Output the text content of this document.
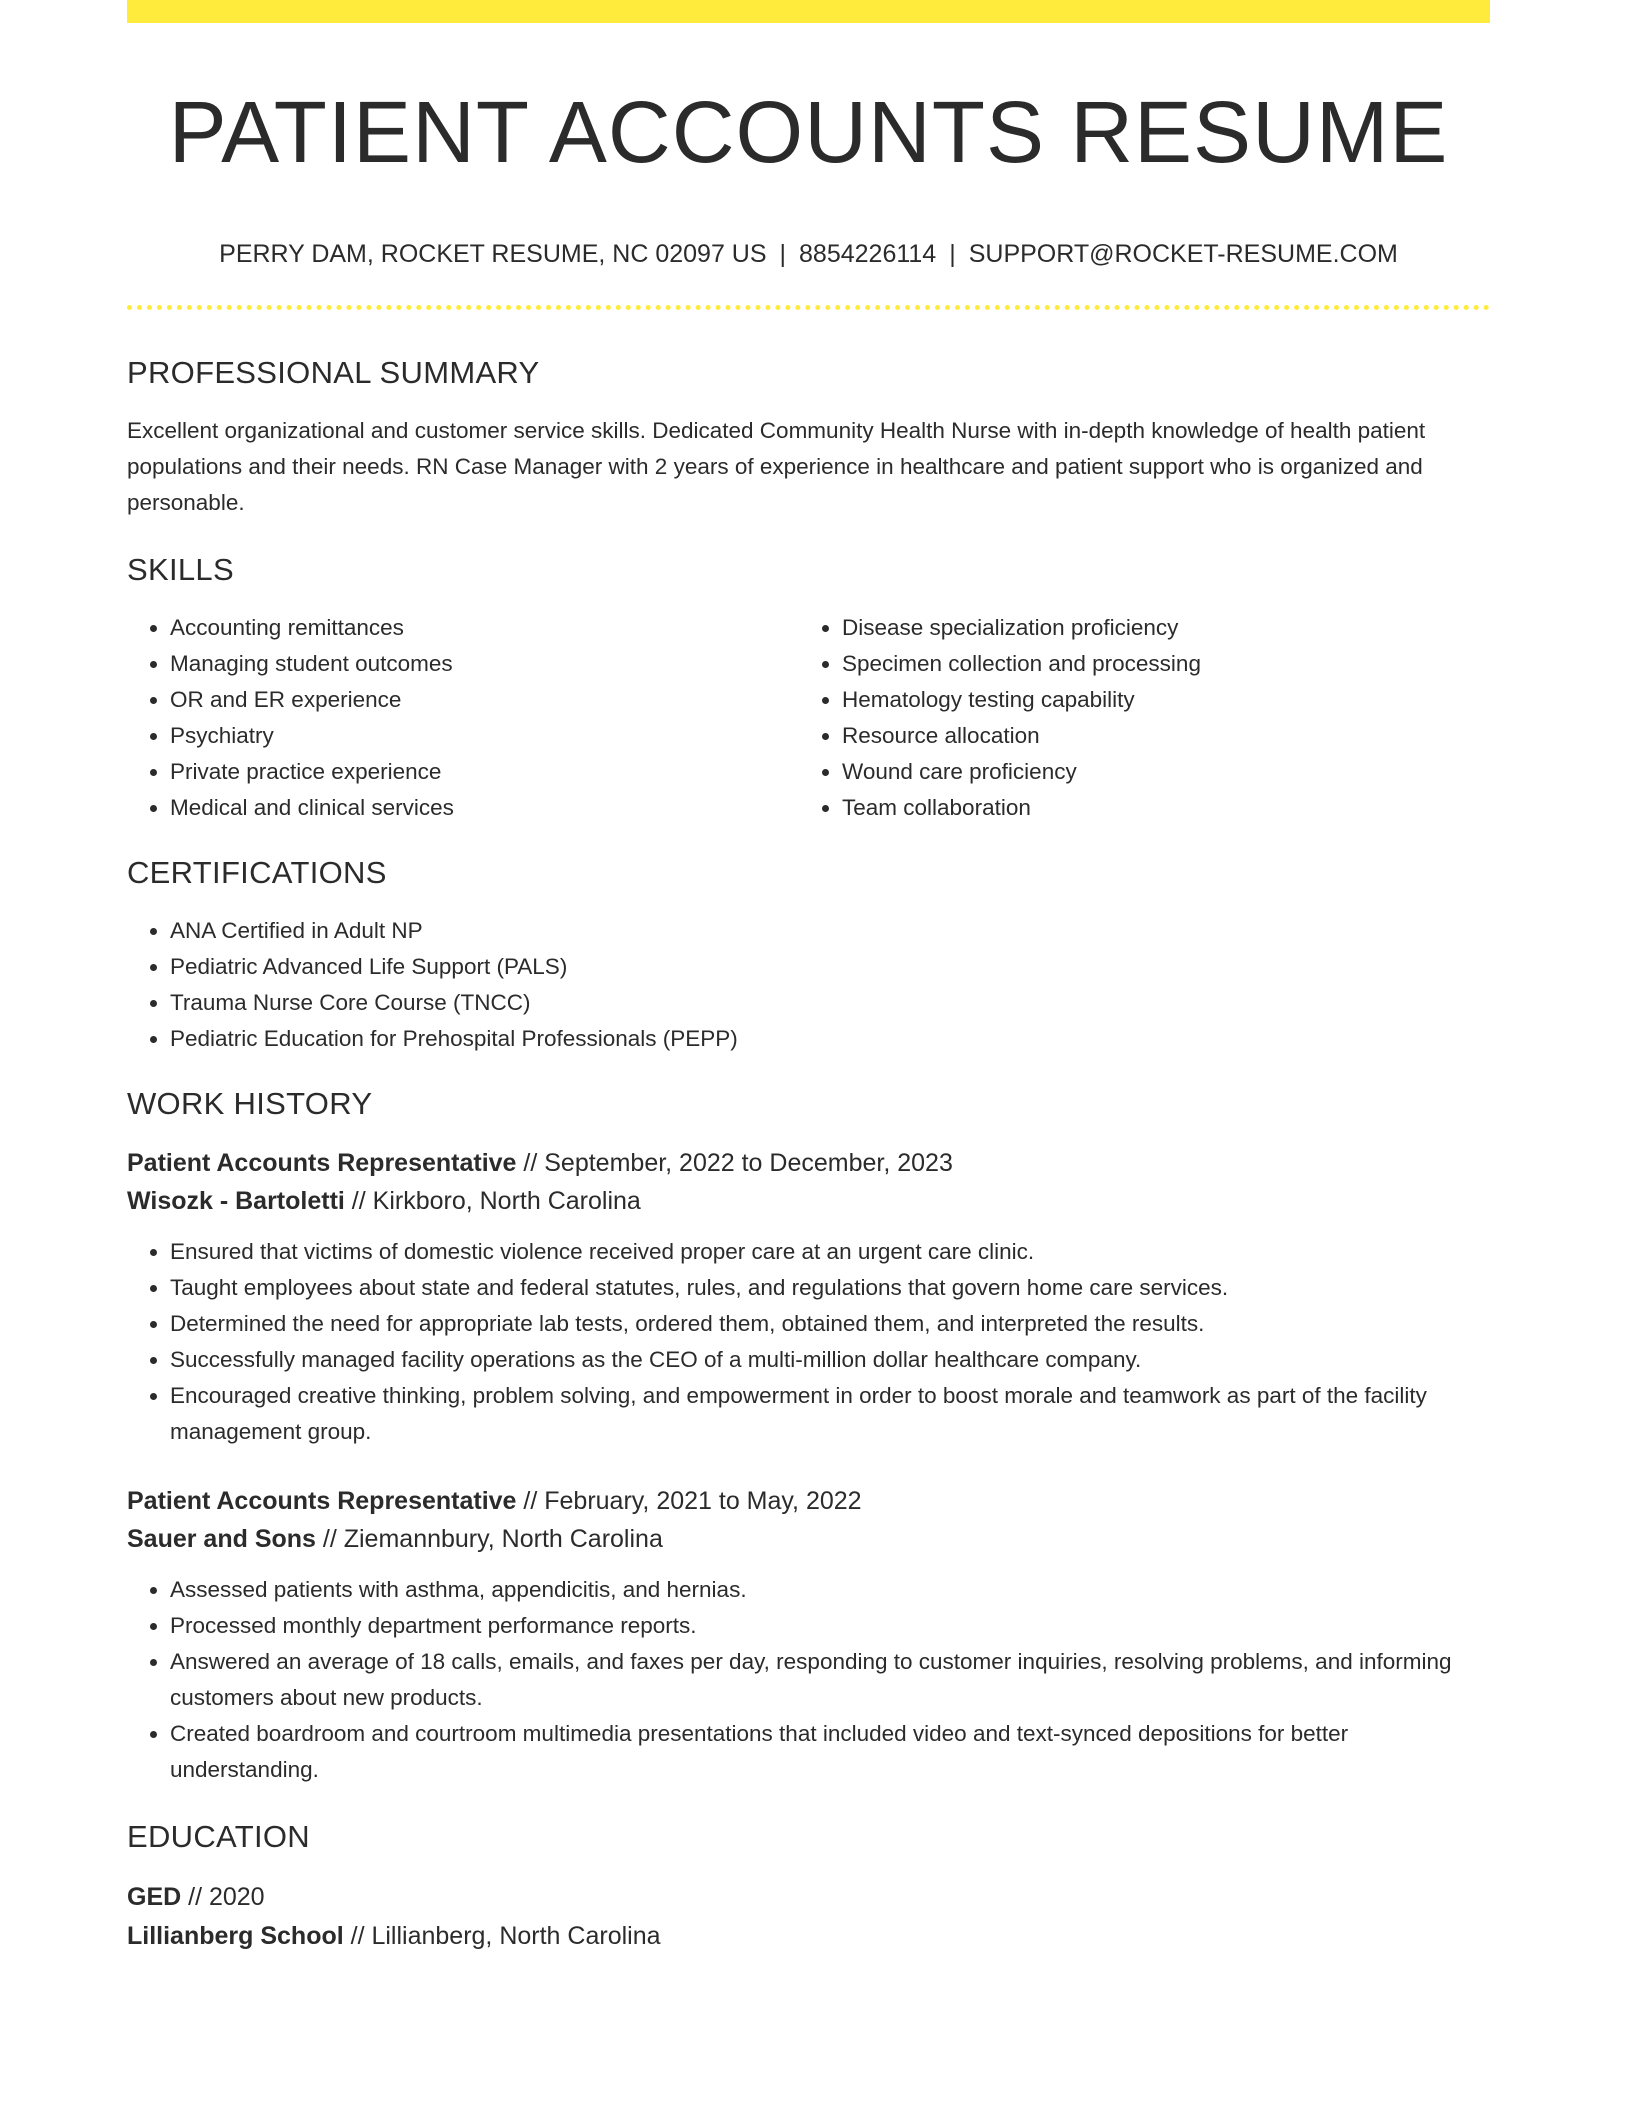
PATIENT ACCOUNTS RESUME
PERRY DAM, ROCKET RESUME, NC 02097 US | 8854226114 | SUPPORT@ROCKET-RESUME.COM
PROFESSIONAL SUMMARY
Excellent organizational and customer service skills. Dedicated Community Health Nurse with in-depth knowledge of health patient populations and their needs. RN Case Manager with 2 years of experience in healthcare and patient support who is organized and personable.
SKILLS
• Accounting remittances
• Managing student outcomes
• OR and ER experience
• Psychiatry
• Private practice experience
• Medical and clinical services
• Disease specialization proficiency
• Specimen collection and processing
• Hematology testing capability
• Resource allocation
• Wound care proficiency
• Team collaboration
CERTIFICATIONS
• ANA Certified in Adult NP
• Pediatric Advanced Life Support (PALS)
• Trauma Nurse Core Course (TNCC)
• Pediatric Education for Prehospital Professionals (PEPP)
WORK HISTORY
Patient Accounts Representative // September, 2022 to December, 2023
Wisozk - Bartoletti // Kirkboro, North Carolina
• Ensured that victims of domestic violence received proper care at an urgent care clinic.
• Taught employees about state and federal statutes, rules, and regulations that govern home care services.
• Determined the need for appropriate lab tests, ordered them, obtained them, and interpreted the results.
• Successfully managed facility operations as the CEO of a multi-million dollar healthcare company.
• Encouraged creative thinking, problem solving, and empowerment in order to boost morale and teamwork as part of the facility management group.
Patient Accounts Representative // February, 2021 to May, 2022
Sauer and Sons // Ziemannbury, North Carolina
• Assessed patients with asthma, appendicitis, and hernias.
• Processed monthly department performance reports.
• Answered an average of 18 calls, emails, and faxes per day, responding to customer inquiries, resolving problems, and informing customers about new products.
• Created boardroom and courtroom multimedia presentations that included video and text-synced depositions for better understanding.
EDUCATION
GED // 2020
Lillianberg School // Lillianberg, North Carolina
